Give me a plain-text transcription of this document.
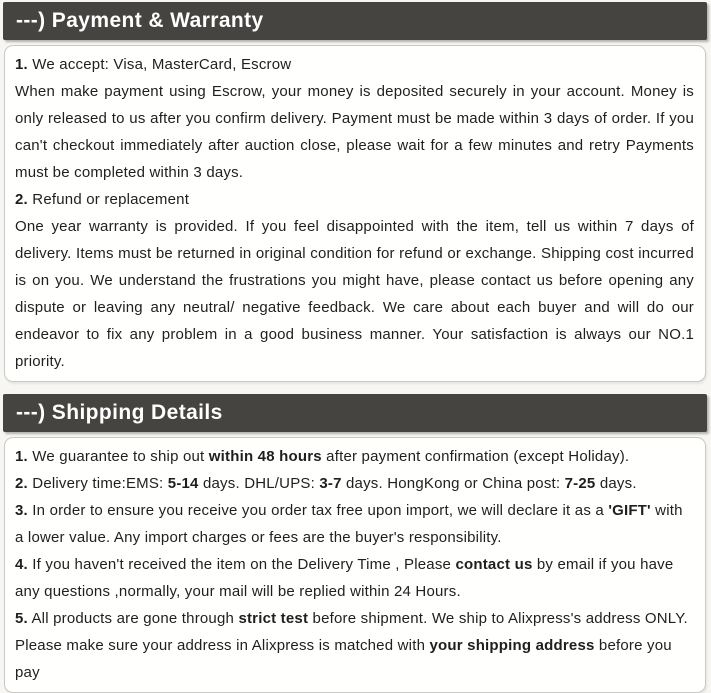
---) Payment & Warranty
1. We accept: Visa, MasterCard, Escrow
When make payment using Escrow, your money is deposited securely in your account. Money is only released to us after you confirm delivery. Payment must be made within 3 days of order. If you can't checkout immediately after auction close, please wait for a few minutes and retry Payments must be completed within 3 days.
2. Refund or replacement
One year warranty is provided. If you feel disappointed with the item, tell us within 7 days of delivery. Items must be returned in original condition for refund or exchange. Shipping cost incurred is on you. We understand the frustrations you might have, please contact us before opening any dispute or leaving any neutral/ negative feedback. We care about each buyer and will do our endeavor to fix any problem in a good business manner. Your satisfaction is always our NO.1 priority.
---) Shipping Details
1. We guarantee to ship out within 48 hours after payment confirmation (except Holiday).
2. Delivery time:EMS: 5-14 days. DHL/UPS: 3-7 days. HongKong or China post: 7-25 days.
3. In order to ensure you receive you order tax free upon import, we will declare it as a 'GIFT' with a lower value. Any import charges or fees are the buyer's responsibility.
4. If you haven't received the item on the Delivery Time , Please contact us by email if you have any questions ,normally, your mail will be replied within 24 Hours.
5. All products are gone through strict test before shipment. We ship to Alixpress's address ONLY. Please make sure your address in Alixpress is matched with your shipping address before you pay
